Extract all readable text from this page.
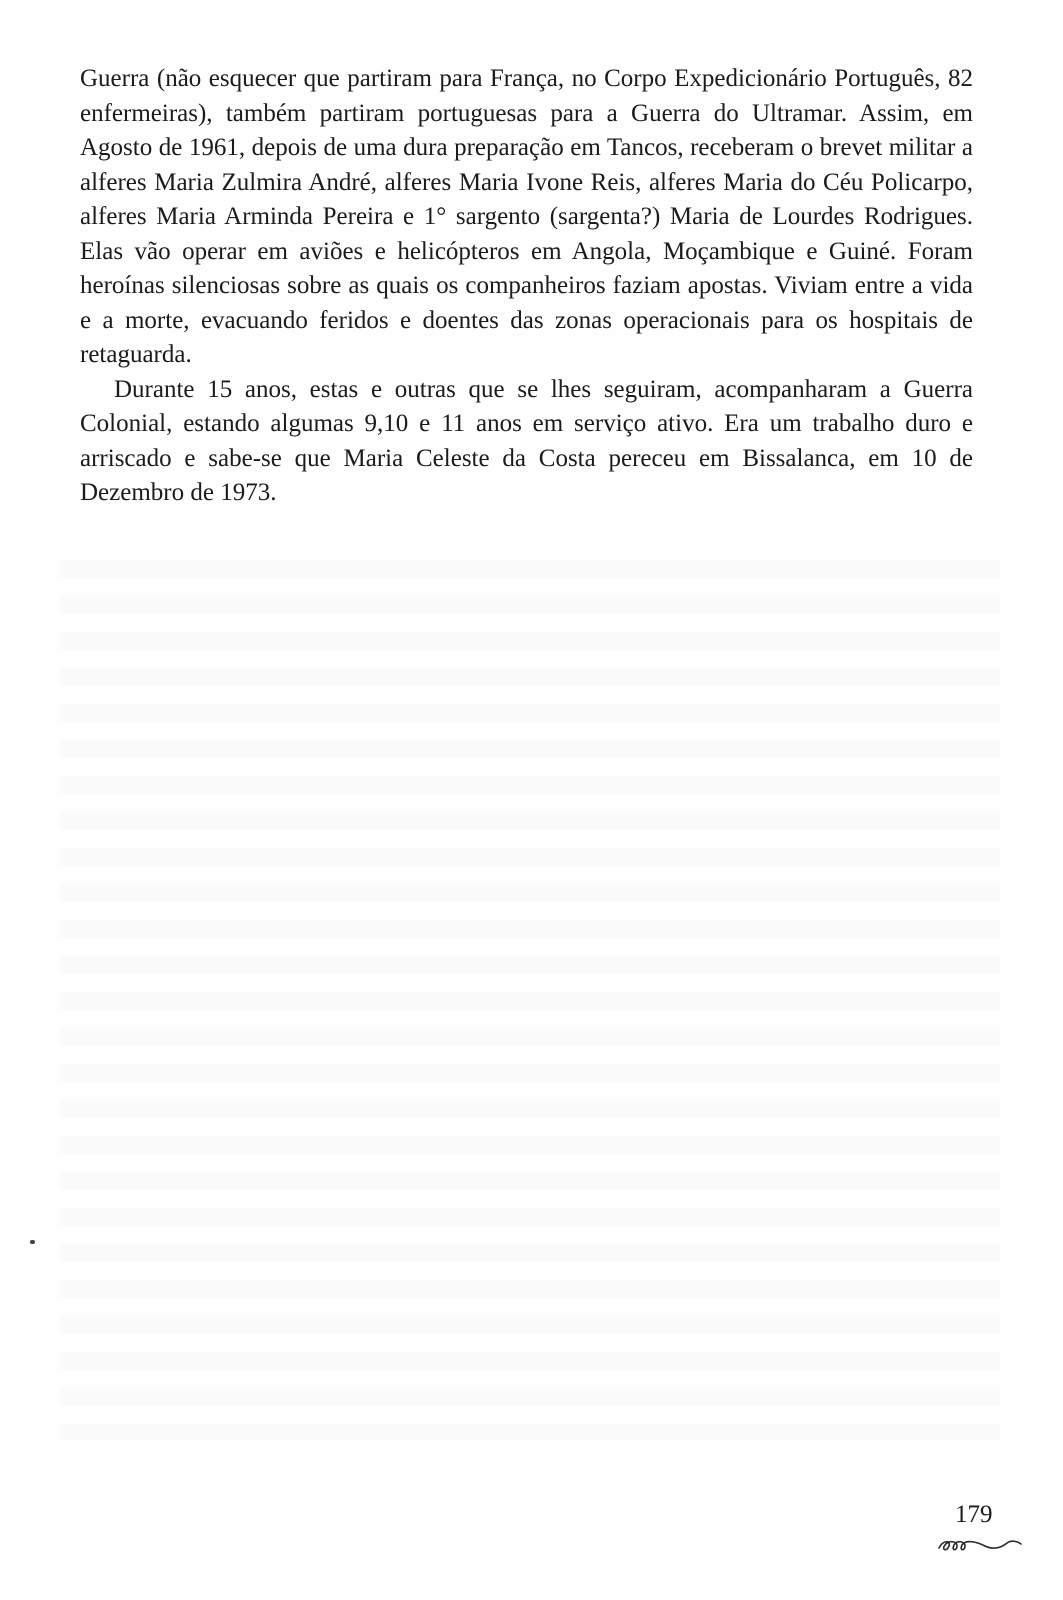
Guerra (não esquecer que partiram para França, no Corpo Expedicionário Português, 82 enfermeiras), também partiram portuguesas para a Guerra do Ultramar. Assim, em Agosto de 1961, depois de uma dura preparação em Tancos, receberam o brevet militar a alferes Maria Zulmira André, alferes Maria Ivone Reis, alferes Maria do Céu Policarpo, alferes Maria Arminda Pereira e 1° sargento (sargenta?) Maria de Lourdes Rodrigues. Elas vão operar em aviões e helicópteros em Angola, Moçambique e Guiné. Foram heroínas silenciosas sobre as quais os companheiros faziam apostas. Viviam entre a vida e a morte, evacuando feridos e doentes das zonas operacionais para os hospitais de retaguarda.

Durante 15 anos, estas e outras que se lhes seguiram, acompanharam a Guerra Colonial, estando algumas 9,10 e 11 anos em serviço ativo. Era um trabalho duro e arriscado e sabe-se que Maria Celeste da Costa pereceu em Bissalanca, em 10 de Dezembro de 1973.

179
